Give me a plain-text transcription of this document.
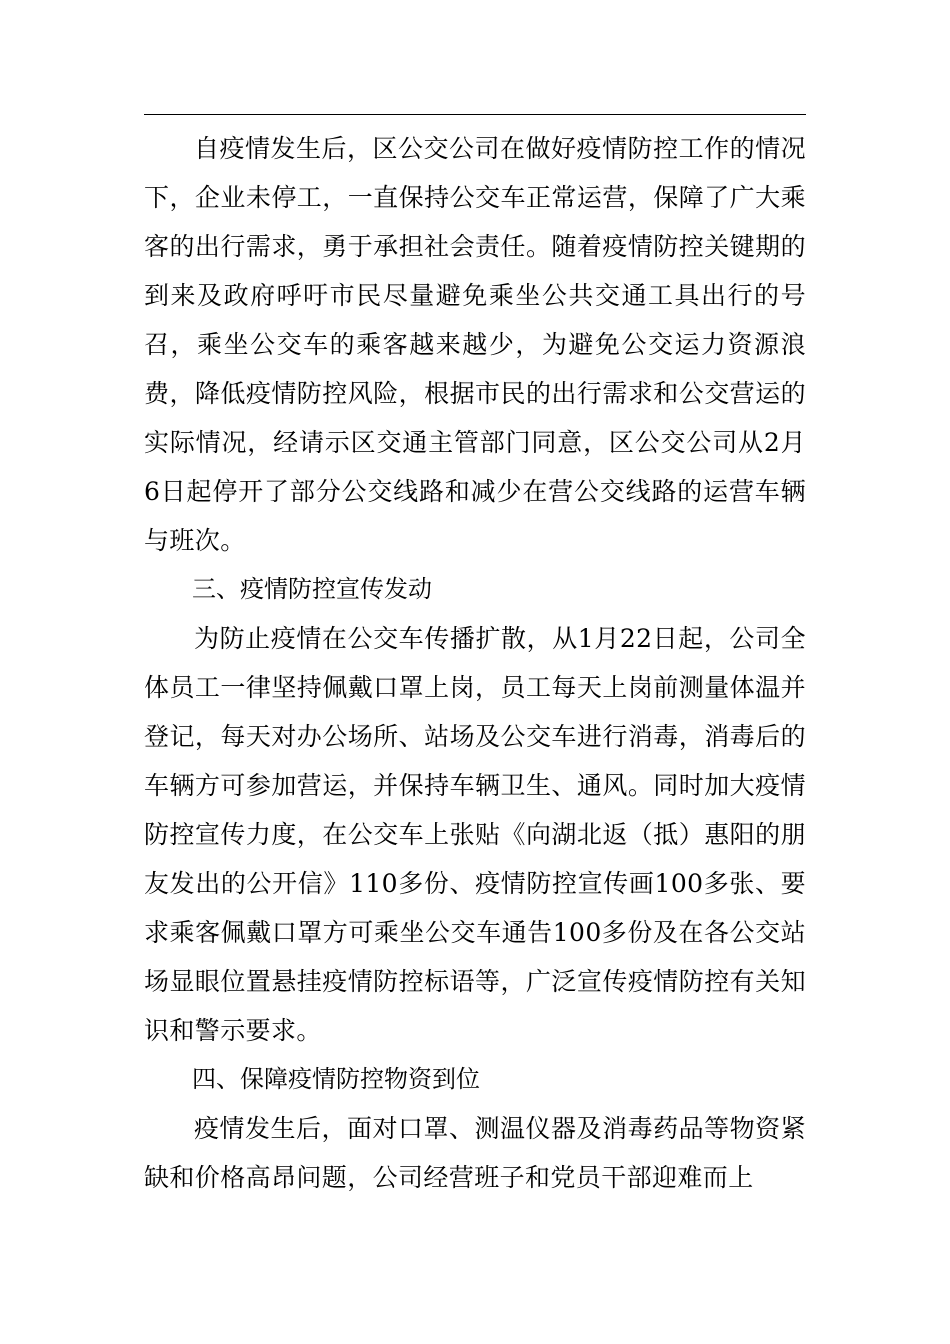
自疫情发生后，区公交公司在做好疫情防控工作的情况下，企业未停工，一直保持公交车正常运营，保障了广大乘客的出行需求，勇于承担社会责任。随着疫情防控关键期的到来及政府呼吁市民尽量避免乘坐公共交通工具出行的号召，乘坐公交车的乘客越来越少，为避免公交运力资源浪费，降低疫情防控风险，根据市民的出行需求和公交营运的实际情况，经请示区交通主管部门同意，区公交公司从2月6日起停开了部分公交线路和减少在营公交线路的运营车辆与班次。

三、疫情防控宣传发动

为防止疫情在公交车传播扩散，从1月22日起，公司全体员工一律坚持佩戴口罩上岗，员工每天上岗前测量体温并登记，每天对办公场所、站场及公交车进行消毒，消毒后的车辆方可参加营运，并保持车辆卫生、通风。同时加大疫情防控宣传力度，在公交车上张贴《向湖北返（抵）惠阳的朋友发出的公开信》110多份、疫情防控宣传画100多张、要求乘客佩戴口罩方可乘坐公交车通告100多份及在各公交站场显眼位置悬挂疫情防控标语等，广泛宣传疫情防控有关知识和警示要求。

四、保障疫情防控物资到位

疫情发生后，面对口罩、测温仪器及消毒药品等物资紧缺和价格高昂问题，公司经营班子和党员干部迎难而上
